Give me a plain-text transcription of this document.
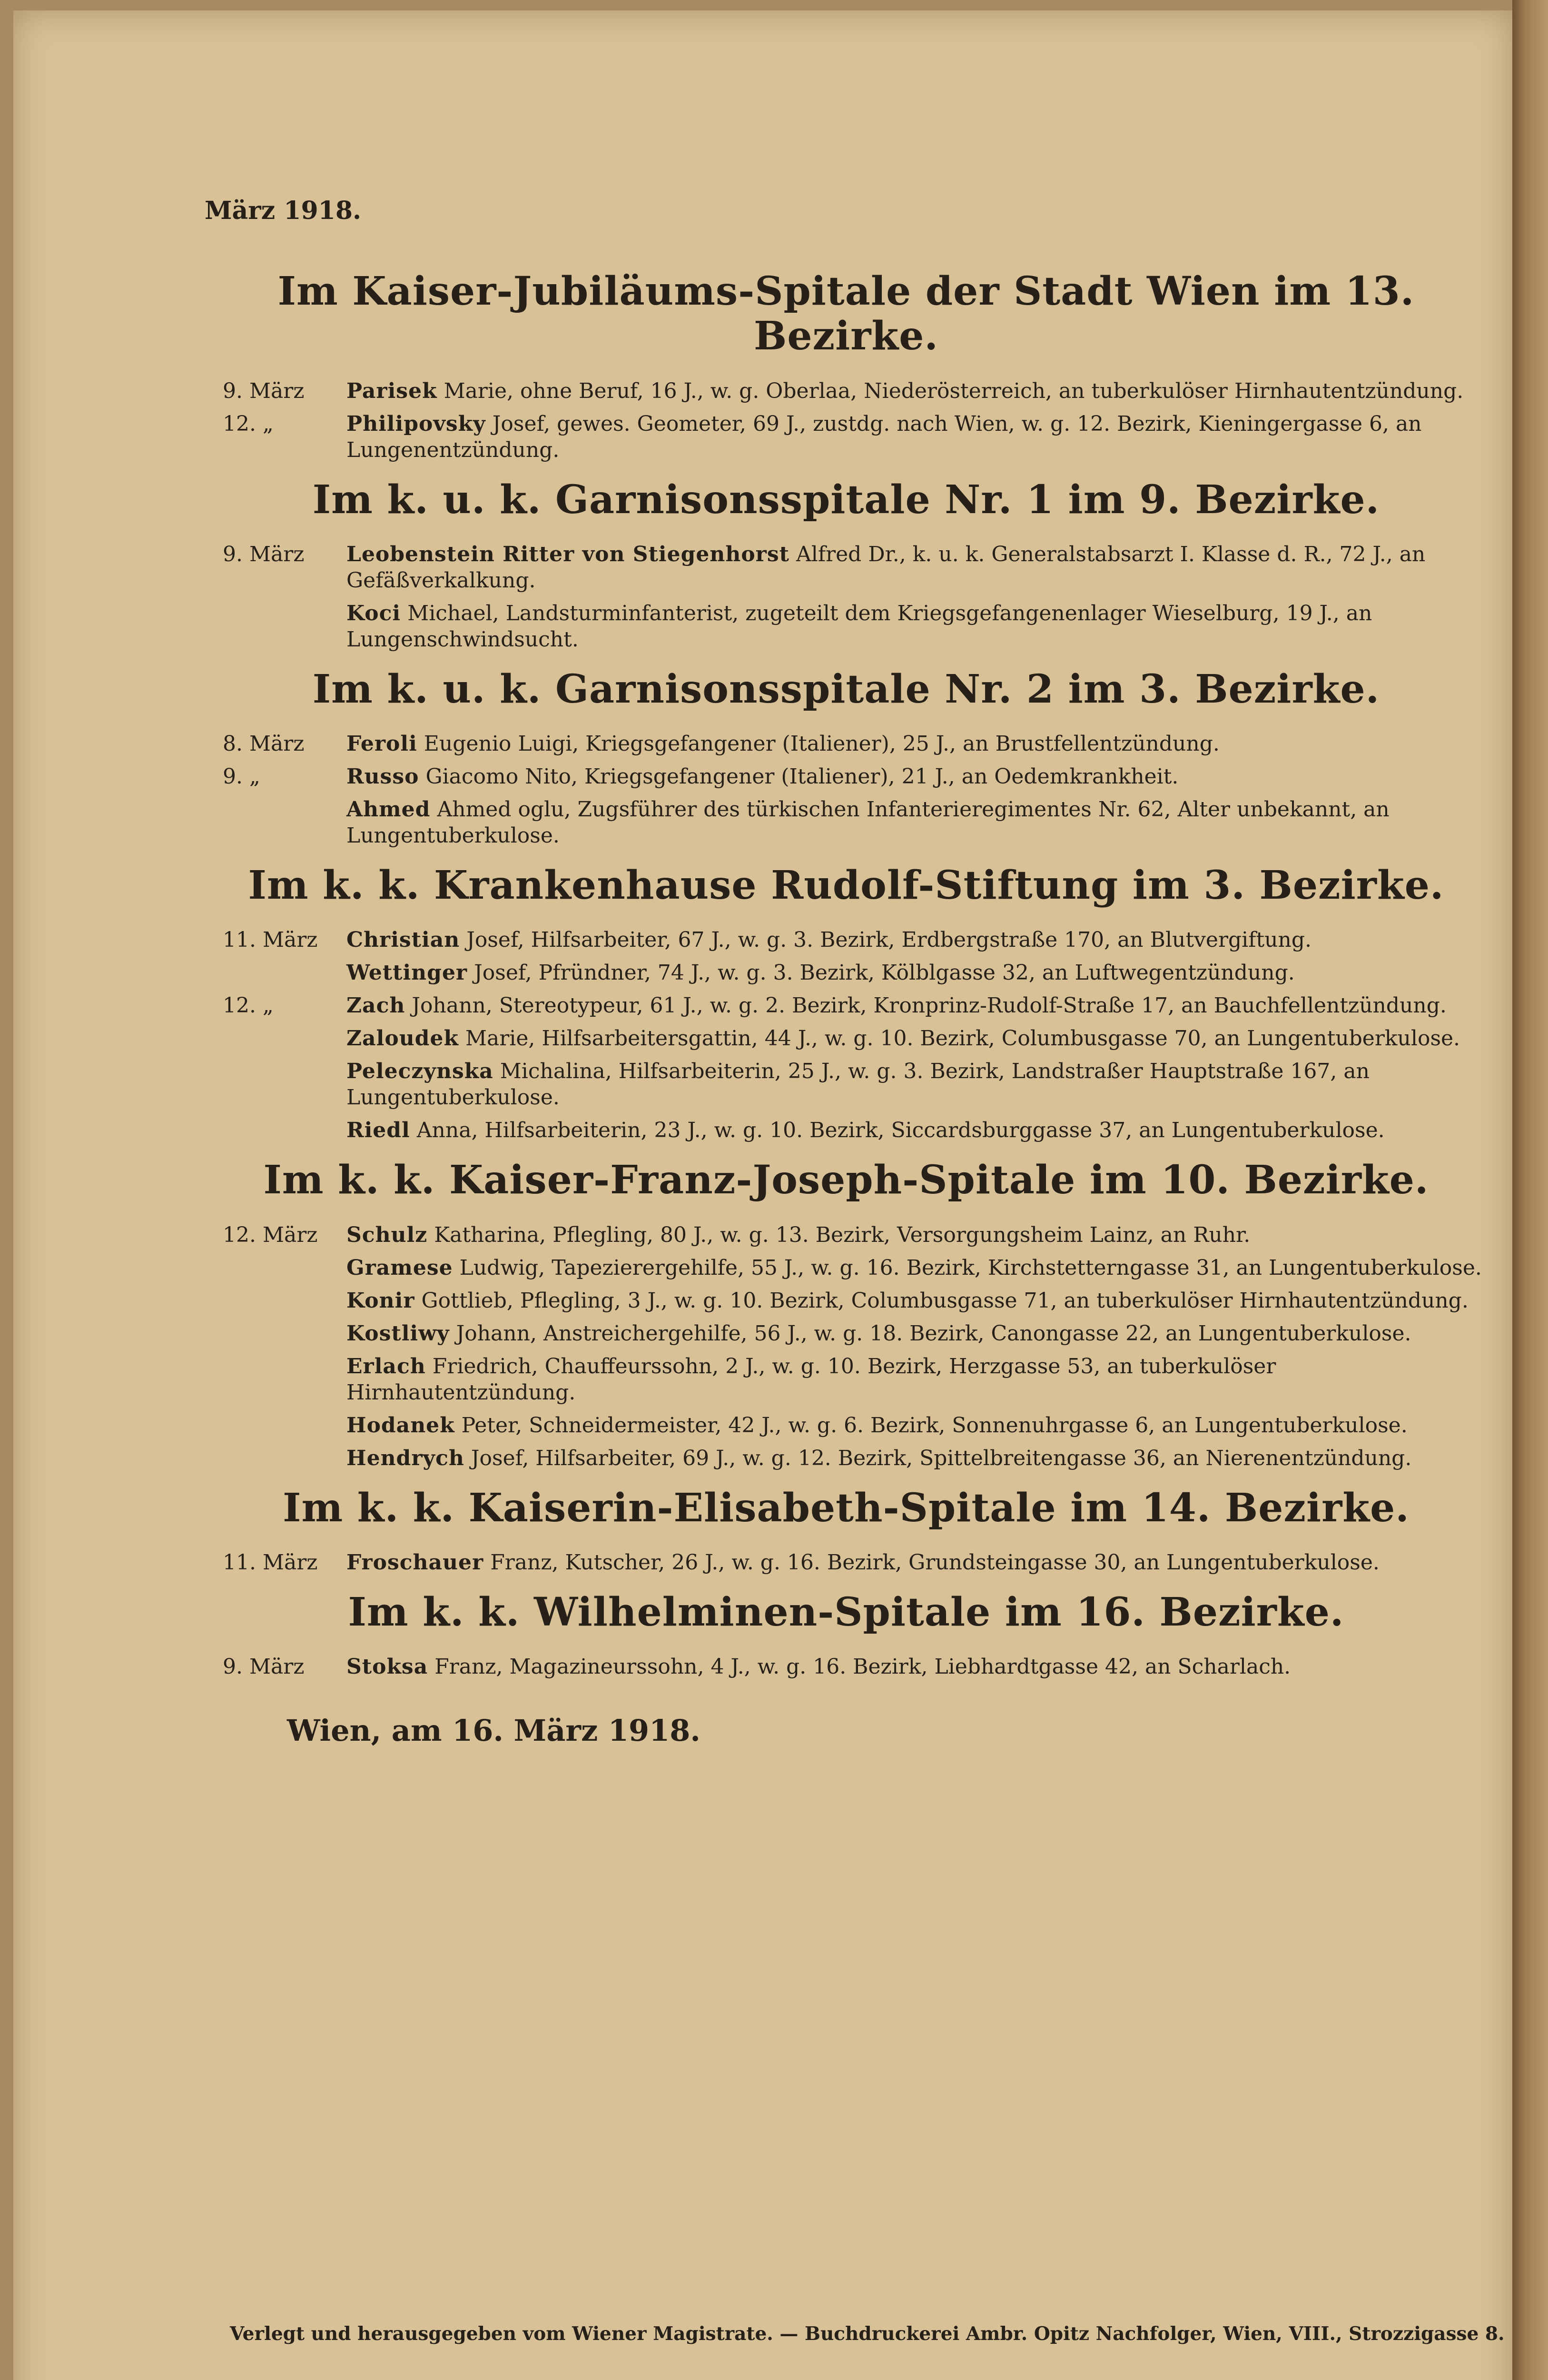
März 1918.
Im Kaiser-Jubiläums-Spitale der Stadt Wien im 13. Bezirke.
9. März	Parisek Marie, ohne Beruf, 16 J., w. g. Oberlaa, Niederösterreich, an tuberkulöser Hirnhautentzündung.
12. „	Philipovsky Josef, gewes. Geometer, 69 J., zustdg. nach Wien, w. g. 12. Bezirk, Kieningergasse 6, an Lungenentzündung.
Im k. u. k. Garnisonsspitale Nr. 1 im 9. Bezirke.
9. März	Leobenstein Ritter von Stiegenhorst Alfred Dr., k. u. k. Generalstabsarzt I. Klasse d. R., 72 J., an Gefäßverkalkung.
Koci Michael, Landsturminfanterist, zugeteilt dem Kriegsgefangenenlager Wieselburg, 19 J., an Lungenschwindsucht.
Im k. u. k. Garnisonsspitale Nr. 2 im 3. Bezirke.
8. März	Feroli Eugenio Luigi, Kriegsgefangener (Italiener), 25 J., an Brustfellentzündung.
9. „	Russo Giacomo Nito, Kriegsgefangener (Italiener), 21 J., an Oedemkrankheit.
Ahmed Ahmed oglu, Zugsführer des türkischen Infanterieregimentes Nr. 62, Alter unbekannt, an Lungentuberkulose.
Im k. k. Krankenhause Rudolf-Stiftung im 3. Bezirke.
11. März	Christian Josef, Hilfsarbeiter, 67 J., w. g. 3. Bezirk, Erdbergstraße 170, an Blutvergiftung.
Wettinger Josef, Pfründner, 74 J., w. g. 3. Bezirk, Kölblgasse 32, an Luftwegentzündung.
12. „	Zach Johann, Stereotypeur, 61 J., w. g. 2. Bezirk, Kronprinz-Rudolf-Straße 17, an Bauchfellentzündung.
Zaloudek Marie, Hilfsarbeitersgattin, 44 J., w. g. 10. Bezirk, Columbusgasse 70, an Lungentuberkulose.
Peleczynska Michalina, Hilfsarbeiterin, 25 J., w. g. 3. Bezirk, Landstraßer Hauptstraße 167, an Lungentuberkulose.
Riedl Anna, Hilfsarbeiterin, 23 J., w. g. 10. Bezirk, Siccardsburggasse 37, an Lungentuberkulose.
Im k. k. Kaiser-Franz-Joseph-Spitale im 10. Bezirke.
12. März	Schulz Katharina, Pflegling, 80 J., w. g. 13. Bezirk, Versorgungsheim Lainz, an Ruhr.
Gramese Ludwig, Tapezierergehilfe, 55 J., w. g. 16. Bezirk, Kirchstetterngasse 31, an Lungentuberkulose.
Konir Gottlieb, Pflegling, 3 J., w. g. 10. Bezirk, Columbusgasse 71, an tuberkulöser Hirnhautentzündung.
Kostliwy Johann, Anstreichergehilfe, 56 J., w. g. 18. Bezirk, Canongasse 22, an Lungentuberkulose.
Erlach Friedrich, Chauffeurssohn, 2 J., w. g. 10. Bezirk, Herzgasse 53, an tuberkulöser Hirnhautentzündung.
Hodanek Peter, Schneidermeister, 42 J., w. g. 6. Bezirk, Sonnenuhrgasse 6, an Lungentuberkulose.
Hendrych Josef, Hilfsarbeiter, 69 J., w. g. 12. Bezirk, Spittelbreitengasse 36, an Nierenentzündung.
Im k. k. Kaiserin-Elisabeth-Spitale im 14. Bezirke.
11. März	Froschauer Franz, Kutscher, 26 J., w. g. 16. Bezirk, Grundsteingasse 30, an Lungentuberkulose.
Im k. k. Wilhelminen-Spitale im 16. Bezirke.
9. März	Stoksa Franz, Magazineurssohn, 4 J., w. g. 16. Bezirk, Liebhardtgasse 42, an Scharlach.
Wien, am 16. März 1918.
Verlegt und herausgegeben vom Wiener Magistrate. — Buchdruckerei Ambr. Opitz Nachfolger, Wien, VIII., Strozzigasse 8.
